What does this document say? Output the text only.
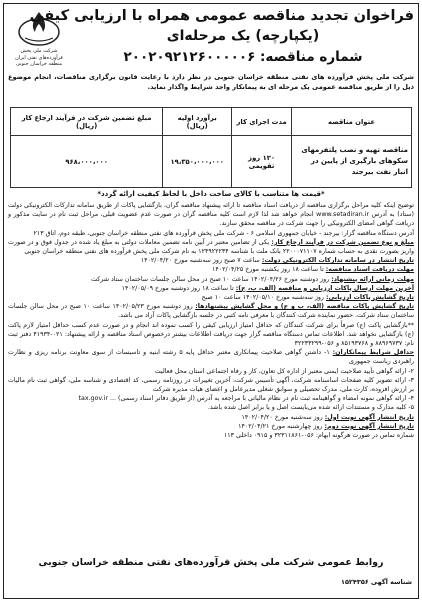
شرکت ملی پخش فرآورده‌های نفتی ایران منطقه خراسان جنوبی
فراخوان تجدید مناقصه عمومی همراه با ارزیابی کیفی
(یکپارچه) یک مرحله‌ای
شماره مناقصه: ۲۰۰۲۰۹۲۱۲۶۰۰۰۰۰۶
شرکت ملی پخش فرآورده های نفتی منطقه خراسان جنوبی در نظر دارد با رعایت قانون برگزاری مناقصات، انجام موضوع ذیل را از طریق مناقصه عمومی یک مرحله ای به پیمانکار واجد شرایط واگذار نماید.
عنوان مناقصه	مدت اجرای کار	برآورد اولیه (ریال)	مبلغ تضمین شرکت در فرآیند ارجاع کار (ریال)
مناقصه تهیه و نصب پلتفرمهای سکوهای بارگیری از پایین در انبار نفت بیرجند	۱۲۰ روز تقویمی	۱۹،۳۵۰،۰۰۰،۰۰۰	۹۶۸،۰۰۰،۰۰۰
*قیمت ها متناسب با کالای ساخت داخل با لحاظ کیفیت ارائه گردد*

توضیح اینکه کلیه مراحل برگزاری مناقصه از دریافت اسناد مناقصه تا ارائه پیشنهاد مناقصه گران، بازگشایی پاکات از طریق سامانه تدارکات الکترونیکی دولت (ستاد) به آدرس www.setadiran.ir انجام خواهد شد لذا لازم است کلیه مناقصه گران در صورت عدم عضویت قبلی، مراحل ثبت نام در سایت مذکور و دریافت گواهی امضای الکترونیکی را جهت شرکت در مناقصه محقق سازند.

آدرس دستگاه مناقصه گزار: بیرجند - خیابان جمهوری اسلامی ۶ - شرکت ملی پخش فرآورده های نفتی منطقه خراسان جنوبی، طبقه دوم، اتاق ۲۱۳

مبلغ و نوع تضمین شرکت در فرآیند ارجاع کار: یکی از تضامین معتبر در آیین نامه تضمین معاملات دولتی به مبلغ یاد شده در جدول فوق و در صورت واریز بصورت نقدی به حساب شماره ۲۲۰۰۰۷۱۱۰۷ بانک ملت با شناسه ۱۲۴۹۲۲۲۳۴ به نام شرکت ملی پخش فرآورده های نفتی منطقه خراسان جنوبی

تاریخ انتشار در سامانه تدارکات الکترونیکی دولت: ساعت ۷ صبح روز سه‌شنبه مورخ ۱۴۰۲/۰۴/۲۰

مهلت دریافت اسناد مناقصه: تا ساعت ۱۸ روز یکشنبه مورخ ۱۴۰۲/۰۴/۲۵

مهلت زمانی ارائه پیشنهاد: روز دوشنبه مورخ ۱۴۰۲/۰۴/۲۶ ساعت ۱۰ صبح در محل سالن جلسات ساختمان ستاد شرکت

آخرین مهلت ارسال پاکات ارزیابی و مناقصه (الف، ب، ج): تا ساعت ۱۸ روز دوشنبه مورخ ۱۴۰۲/۰۵/۰۹

تاریخ گشایش پاکات ارزیابی: روز سه‌شنبه مورخ ۱۴۰۲/۰۵/۱۰ ساعت ۱۰ صبح

تاریخ گشایش پاکات مناقصه (الف، ب و ج) و محل گشایش پیشنهادها: روز دوشنبه مورخ ۱۴۰۲/۰۵/۲۳ ساعت ۱۰ صبح در محل سالن جلسات ساختمان ستاد شرکت. حضور نماینده شرکت کنندگان با معرفی نامه کتبی در جلسه بازگشایی پاکات آزاد می باشد.

**بازگشایی پاکت (ج) صرفاً برای شرکت کنندگان که حداقل امتیاز ارزیابی کیفی را کسب نموده اند انجام و در صورت عدم کسب حداقل امتیاز لازم پاکت (ج) بازگشایی نخواهد شد. اطلاعات تماس دستگاه مناقصه گزار جهت دریافت اطلاعات بیشتر درخصوص اسناد مناقصه و ارائه پیشنهاد: ۰۲۱-۴۱۹۳۴ دفتر ثبت نام: ۸۸۹۶۹۷۳۷ و ۸۵۱۹۳۷۶۸ و ۰۵۶-۳۲۲۳۳۲۹۹

حداقل شرایط پیمانکاران: ۱- داشتن گواهی صلاحیت پیمانکاری معتبر حداقل پایه ۵ رشته ابنیه و تاسیسات از سوی معاونت برنامه ریزی و نظارت راهبردی ریاست جمهوری

۲- ارائه گواهی تأیید صلاحیت ایمنی معتبر از اداره کل تعاون، کار و رفاه اجتماعی استان محل فعالیت

۳- ارائه تصویر کلیه صفحات اساسنامه شرکت، آگهی تأسیس شرکت، آخرین تغییرات در روزنامه رسمی، کد اقتصادی و شناسه ملی، گواهی ثبت نام مالیات بر ارزش افزوده، کارت ملی، مدرک تحصیلی و سوابق شغلی مدیرعامل و اعضای هیات مدیره شرکت

۴- ارائه گواهی نمونه امضاء و گواهینامه ثبت نام در نظام مالیاتی با مراجعه به آدرس (از طریق دفاتر اسناد رسمی) ... tax.gov.ir

۵- کلیه مدارک و مستندات ارائه شده می‌بایست اصل و یا برابر اصل شده باشد.

تاریخ انتشار آگهی نوبت اول: روز سه‌شنبه مورخ ۱۴۰۲/۰۴/۲۰

تاریخ انتشار آگهی نوبت دوم: روز چهارشنبه مورخ ۱۴۰۲/۰۴/۲۱

شماره تماس در صورت هرگونه ابهام: ۰۵۶-۳۲۳۱۱۸۶۱ و ۰۹۱۵ داخلی ۱۱۳

روابط عمومی شرکت ملی پخش فرآورده‌های نفتی منطقه خراسان جنوبی
شناسه آگهی ۱۵۲۴۳۵۶
